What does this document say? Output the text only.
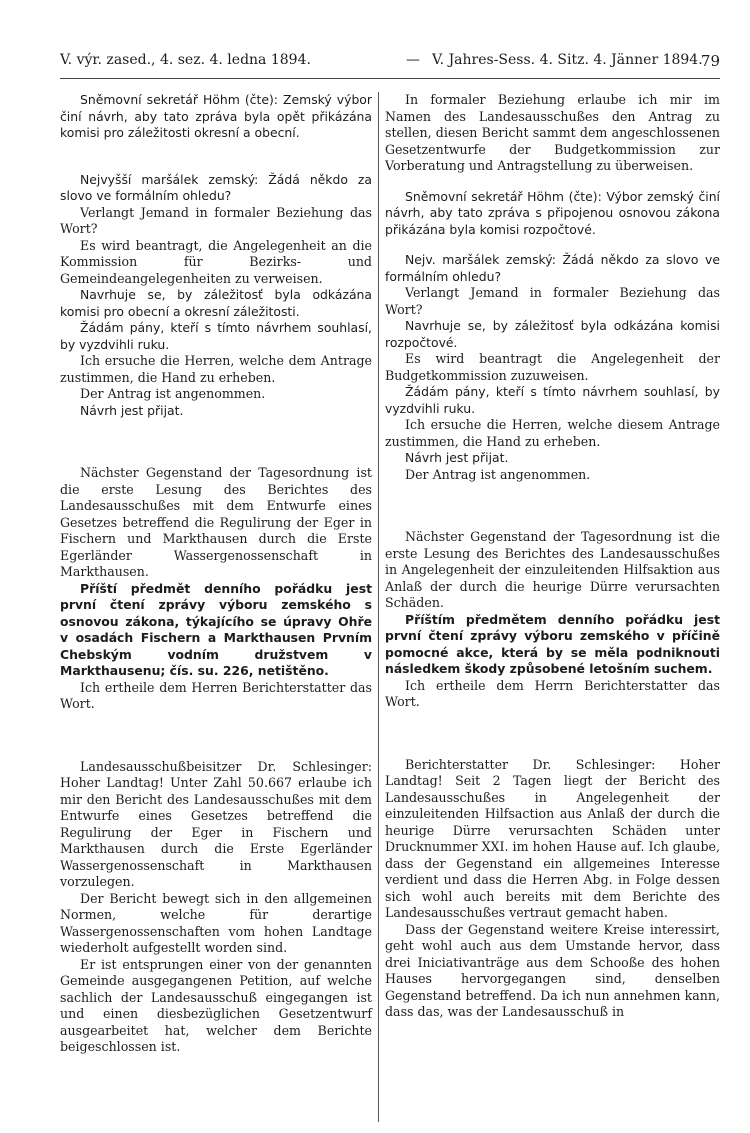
V. výr. zased., 4. sez. 4. ledna 1894.	— V. Jahres-Sess. 4. Sitz. 4. Jänner 1894.
79

Sněmovní sekretář Höhm (čte): Zemský výbor činí návrh, aby tato zpráva byla opět přikázána komisi pro záležitosti okresní a obecní.

Nejvyšší maršálek zemský: Žádá někdo za slovo ve formálním ohledu?

Verlangt Jemand in formaler Beziehung das Wort?

Es wird beantragt, die Angelegenheit an die Kommission für Bezirks- und Gemeindeangelegenheiten zu verweisen.

Navrhuje se, by záležitosť byla odkázána komisi pro obecní a okresní záležitosti.

Žádám pány, kteří s tímto návrhem souhlasí, by vyzdvihli ruku.

Ich ersuche die Herren, welche dem Antrage zustimmen, die Hand zu erheben.

Der Antrag ist angenommen.

Návrh jest přijat.

Nächster Gegenstand der Tagesordnung ist die erste Lesung des Berichtes des Landesausschußes mit dem Entwurfe eines Gesetzes betreffend die Regulirung der Eger in Fischern und Markthausen durch die Erste Egerländer Wassergenossenschaft in Markthausen.

Příští předmět denního pořádku jest první čtení zprávy výboru zemského s osnovou zákona, týkajícího se úpravy Ohře v osadách Fischern a Markthausen Prvním Chebským vodním družstvem v Markthausenu; čís. su. 226, netištěno.

Ich ertheile dem Herren Berichterstatter das Wort.

Landesausschußbeisitzer Dr. Schlesinger: Hoher Landtag! Unter Zahl 50.667 erlaube ich mir den Bericht des Landesausschußes mit dem Entwurfe eines Gesetzes betreffend die Regulirung der Eger in Fischern und Markthausen durch die Erste Egerländer Wassergenossenschaft in Markthausen vorzulegen.

Der Bericht bewegt sich in den allgemeinen Normen, welche für derartige Wassergenossenschaften vom hohen Landtage wiederholt aufgestellt worden sind.

Er ist entsprungen einer von der genannten Gemeinde ausgegangenen Petition, auf welche sachlich der Landesausschuß eingegangen ist und einen diesbezüglichen Gesetzentwurf ausgearbeitet hat, welcher dem Berichte beigeschlossen ist.

In formaler Beziehung erlaube ich mir im Namen des Landesausschußes den Antrag zu stellen, diesen Bericht sammt dem angeschlossenen Gesetzentwurfe der Budgetkommission zur Vorberatung und Antragstellung zu überweisen.

Sněmovní sekretář Höhm (čte): Výbor zemský činí návrh, aby tato zpráva s připojenou osnovou zákona přikázána byla komisi rozpočtové.

Nejv. maršálek zemský: Žádá někdo za slovo ve formálním ohledu?

Verlangt Jemand in formaler Beziehung das Wort?

Navrhuje se, by záležitosť byla odkázána komisi rozpočtové.

Es wird beantragt die Angelegenheit der Budgetkommission zuzuweisen.

Žádám pány, kteří s tímto návrhem souhlasí, by vyzdvihli ruku.

Ich ersuche die Herren, welche diesem Antrage zustimmen, die Hand zu erheben.

Návrh jest přijat.

Der Antrag ist angenommen.

Nächster Gegenstand der Tagesordnung ist die erste Lesung des Berichtes des Landesausschußes in Angelegenheit der einzuleitenden Hilfsaktion aus Anlaß der durch die heurige Dürre verursachten Schäden.

Příštím předmětem denního pořádku jest první čtení zprávy výboru zemského v příčině pomocné akce, která by se měla podniknouti následkem škody způsobené letošním suchem.

Ich ertheile dem Herrn Berichterstatter das Wort.

Berichterstatter Dr. Schlesinger: Hoher Landtag! Seit 2 Tagen liegt der Bericht des Landesausschußes in Angelegenheit der einzuleitenden Hilfsaction aus Anlaß der durch die heurige Dürre verursachten Schäden unter Drucknummer XXI. im hohen Hause auf. Ich glaube, dass der Gegenstand ein allgemeines Interesse verdient und dass die Herren Abg. in Folge dessen sich wohl auch bereits mit dem Berichte des Landesausschußes vertraut gemacht haben.

Dass der Gegenstand weitere Kreise interessirt, geht wohl auch aus dem Umstande hervor, dass drei Iniciativanträge aus dem Schooße des hohen Hauses hervorgegangen sind, denselben Gegenstand betreffend. Da ich nun annehmen kann, dass das, was der Landesausschuß in
